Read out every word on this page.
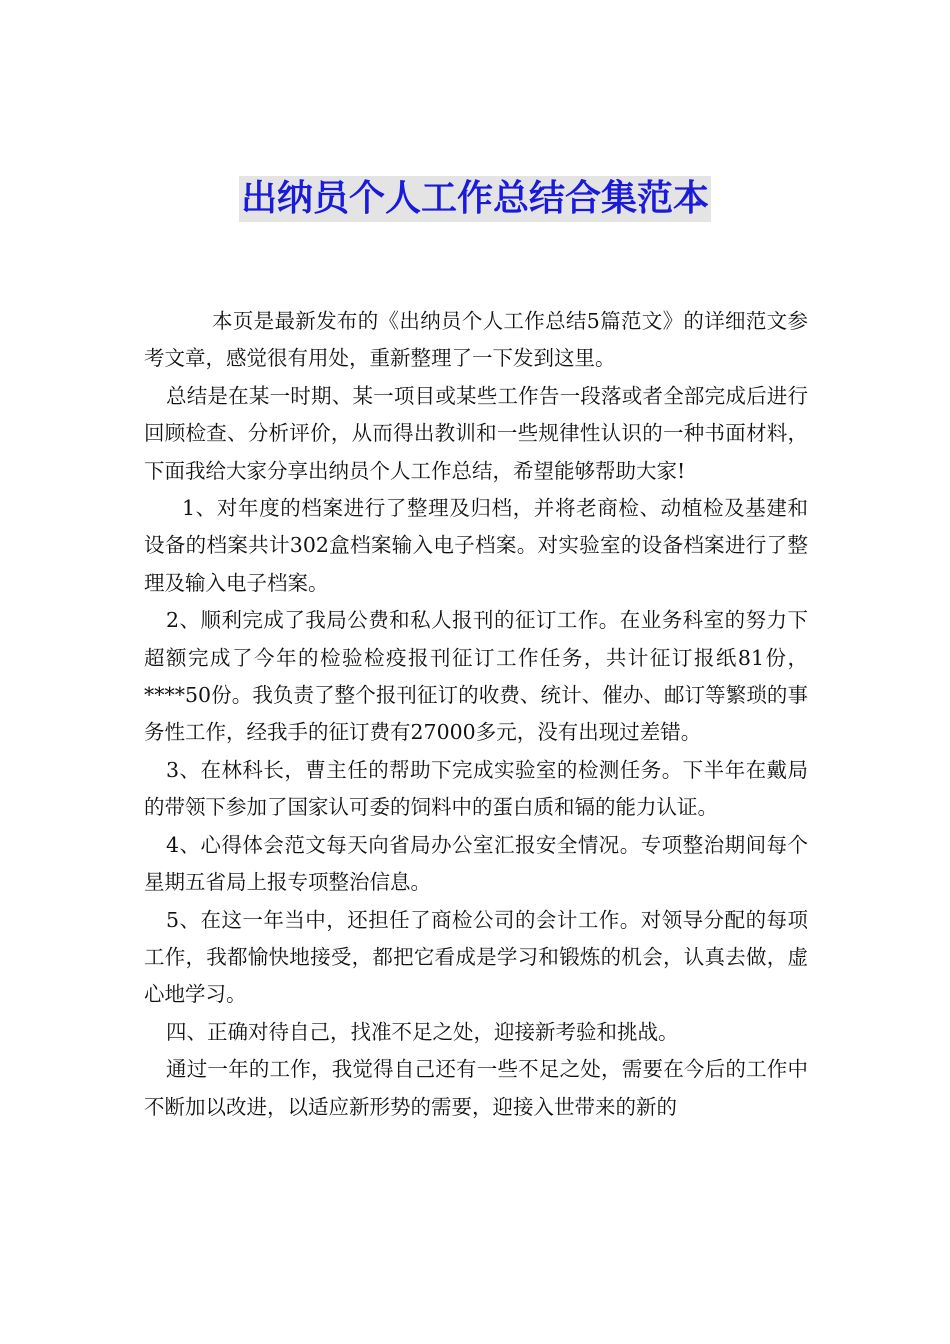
出纳员个人工作总结合集范本

本页是最新发布的《出纳员个人工作总结5篇范文》的详细范文参考文章，感觉很有用处，重新整理了一下发到这里。

总结是在某一时期、某一项目或某些工作告一段落或者全部完成后进行回顾检查、分析评价，从而得出教训和一些规律性认识的一种书面材料，下面我给大家分享出纳员个人工作总结，希望能够帮助大家!

1、对年度的档案进行了整理及归档，并将老商检、动植检及基建和设备的档案共计302盒档案输入电子档案。对实验室的设备档案进行了整理及输入电子档案。

2、顺利完成了我局公费和私人报刊的征订工作。在业务科室的努力下超额完成了今年的检验检疫报刊征订工作任务，共计征订报纸81份，****50份。我负责了整个报刊征订的收费、统计、催办、邮订等繁琐的事务性工作，经我手的征订费有27000多元，没有出现过差错。

3、在林科长，曹主任的帮助下完成实验室的检测任务。下半年在戴局的带领下参加了国家认可委的饲料中的蛋白质和镉的能力认证。

4、心得体会范文每天向省局办公室汇报安全情况。专项整治期间每个星期五省局上报专项整治信息。

5、在这一年当中，还担任了商检公司的会计工作。对领导分配的每项工作，我都愉快地接受，都把它看成是学习和锻炼的机会，认真去做，虚心地学习。

四、正确对待自己，找准不足之处，迎接新考验和挑战。

通过一年的工作，我觉得自己还有一些不足之处，需要在今后的工作中不断加以改进，以适应新形势的需要，迎接入世带来的新的
